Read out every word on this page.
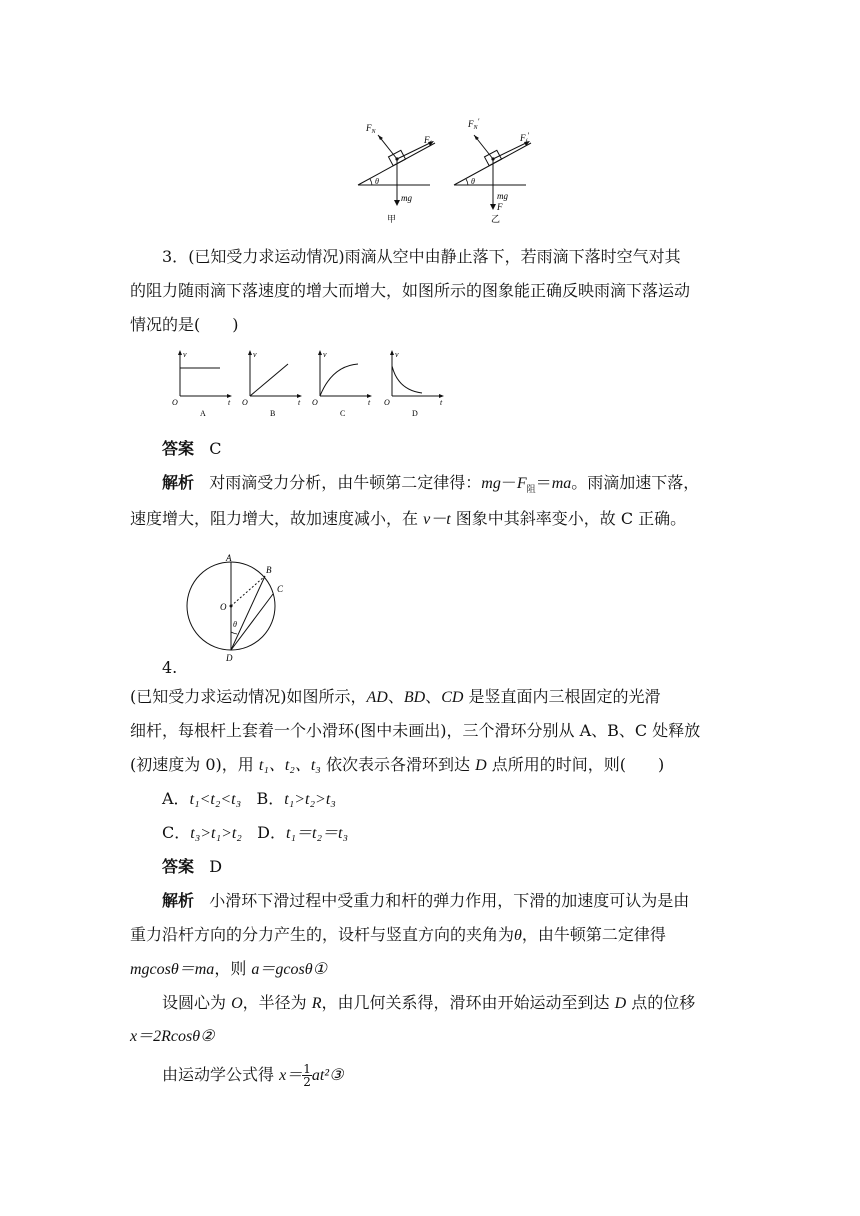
$F_N$
$F_f$
θ
mg
甲
$F_N'$
$F_f'$
θ
mg
F
乙
3．(已知受力求运动情况)雨滴从空中由静止落下，若雨滴下落时空气对其
的阻力随雨滴下落速度的增大而增大，如图所示的图象能正确反映雨滴下落运动
情况的是(　　)
v
O	t
A
v
O	t
B
v
O	t
C
v
O	t
D
答案 C
解析 对雨滴受力分析，由牛顿第二定律得：$mg-F_阻=ma$。雨滴加速下落，
速度增大，阻力增大，故加速度减小，在 v－t 图象中其斜率变小，故 C 正确。
A
B
C
O
D
θ
4.
(已知受力求运动情况)如图所示，AD、BD、CD 是竖直面内三根固定的光滑
细杆，每根杆上套着一个小滑环(图中未画出)，三个滑环分别从 A、B、C 处释放
(初速度为 0)，用 t₁、t₂、t₃ 依次表示各滑环到达 D 点所用的时间，则(　　)
A．t₁<t₂<t₃ B．t₁>t₂>t₃
C．t₃>t₁>t₂ D．t₁＝t₂＝t₃
答案 D
解析 小滑环下滑过程中受重力和杆的弹力作用，下滑的加速度可认为是由
重力沿杆方向的分力产生的，设杆与竖直方向的夹角为θ，由牛顿第二定律得
mgcosθ＝ma，则 a＝gcosθ①
设圆心为 O，半径为 R，由几何关系得，滑环由开始运动至到达 D 点的位移
x＝2Rcosθ②
由运动学公式得 $x= \frac{1}{2}$ at²③
